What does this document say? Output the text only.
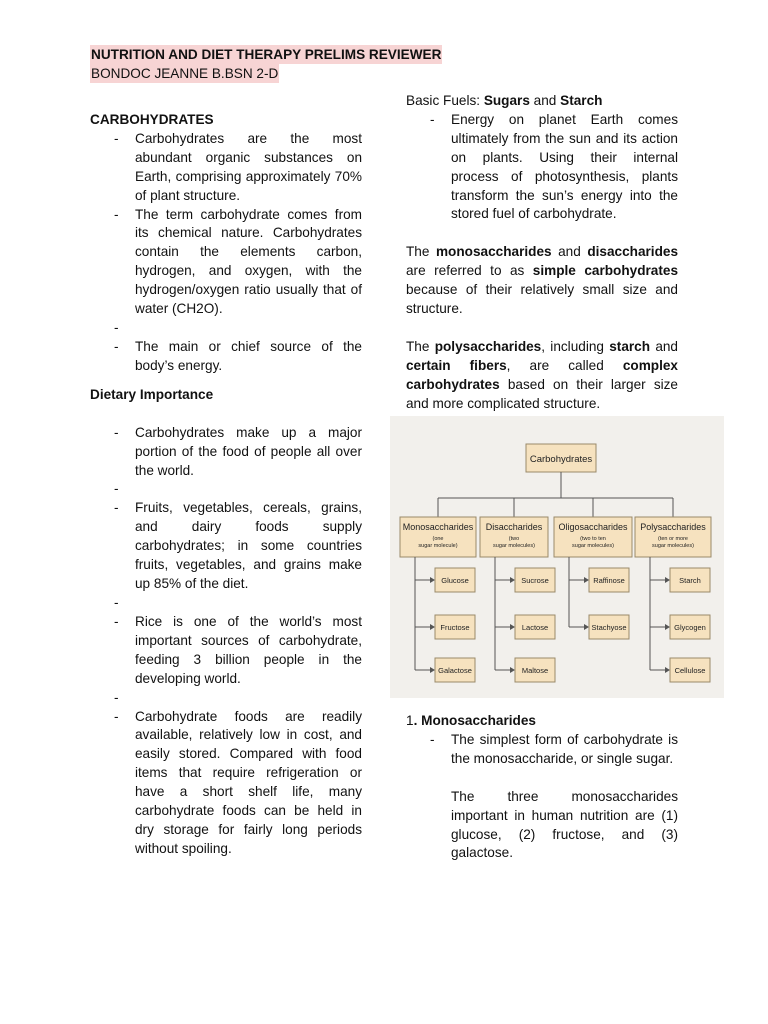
NUTRITION AND DIET THERAPY PRELIMS REVIEWER
BONDOC JEANNE B.BSN 2-D

CARBOHYDRATES

- Carbohydrates are the most abundant organic substances on Earth, comprising approximately 70% of plant structure.
- The term carbohydrate comes from its chemical nature. Carbohydrates contain the elements carbon, hydrogen, and oxygen, with the hydrogen/oxygen ratio usually that of water (CH2O).
-
- The main or chief source of the body’s energy.

Dietary Importance

- Carbohydrates make up a major portion of the food of people all over the world.
-
- Fruits, vegetables, cereals, grains, and dairy foods supply carbohydrates; in some countries fruits, vegetables, and grains make up 85% of the diet.
-
- Rice is one of the world’s most important sources of carbohydrate, feeding 3 billion people in the developing world.
-
- Carbohydrate foods are readily available, relatively low in cost, and easily stored. Compared with food items that require refrigeration or have a short shelf life, many carbohydrate foods can be held in dry storage for fairly long periods without spoiling.

Basic Fuels: Sugars and Starch

- Energy on planet Earth comes ultimately from the sun and its action on plants. Using their internal process of photosynthesis, plants transform the sun’s energy into the stored fuel of carbohydrate.

The monosaccharides and disaccharides are referred to as simple carbohydrates because of their relatively small size and structure.

The polysaccharides, including starch and certain fibers, are called complex carbohydrates based on their larger size and more complicated structure.

Carbohydrates
Monosaccharides
(one
sugar molecule)
Glucose
Fructose
Galactose
Disaccharides
(two
sugar molecules)
Sucrose
Lactose
Maltose
Oligosaccharides
(two to ten
sugar molecules)
Raffinose
Stachyose
Polysaccharides
(ten or more
sugar molecules)
Starch
Glycogen
Cellulose

1. Monosaccharides

- The simplest form of carbohydrate is the monosaccharide, or single sugar.

The three monosaccharides important in human nutrition are (1) glucose, (2) fructose, and (3) galactose.
